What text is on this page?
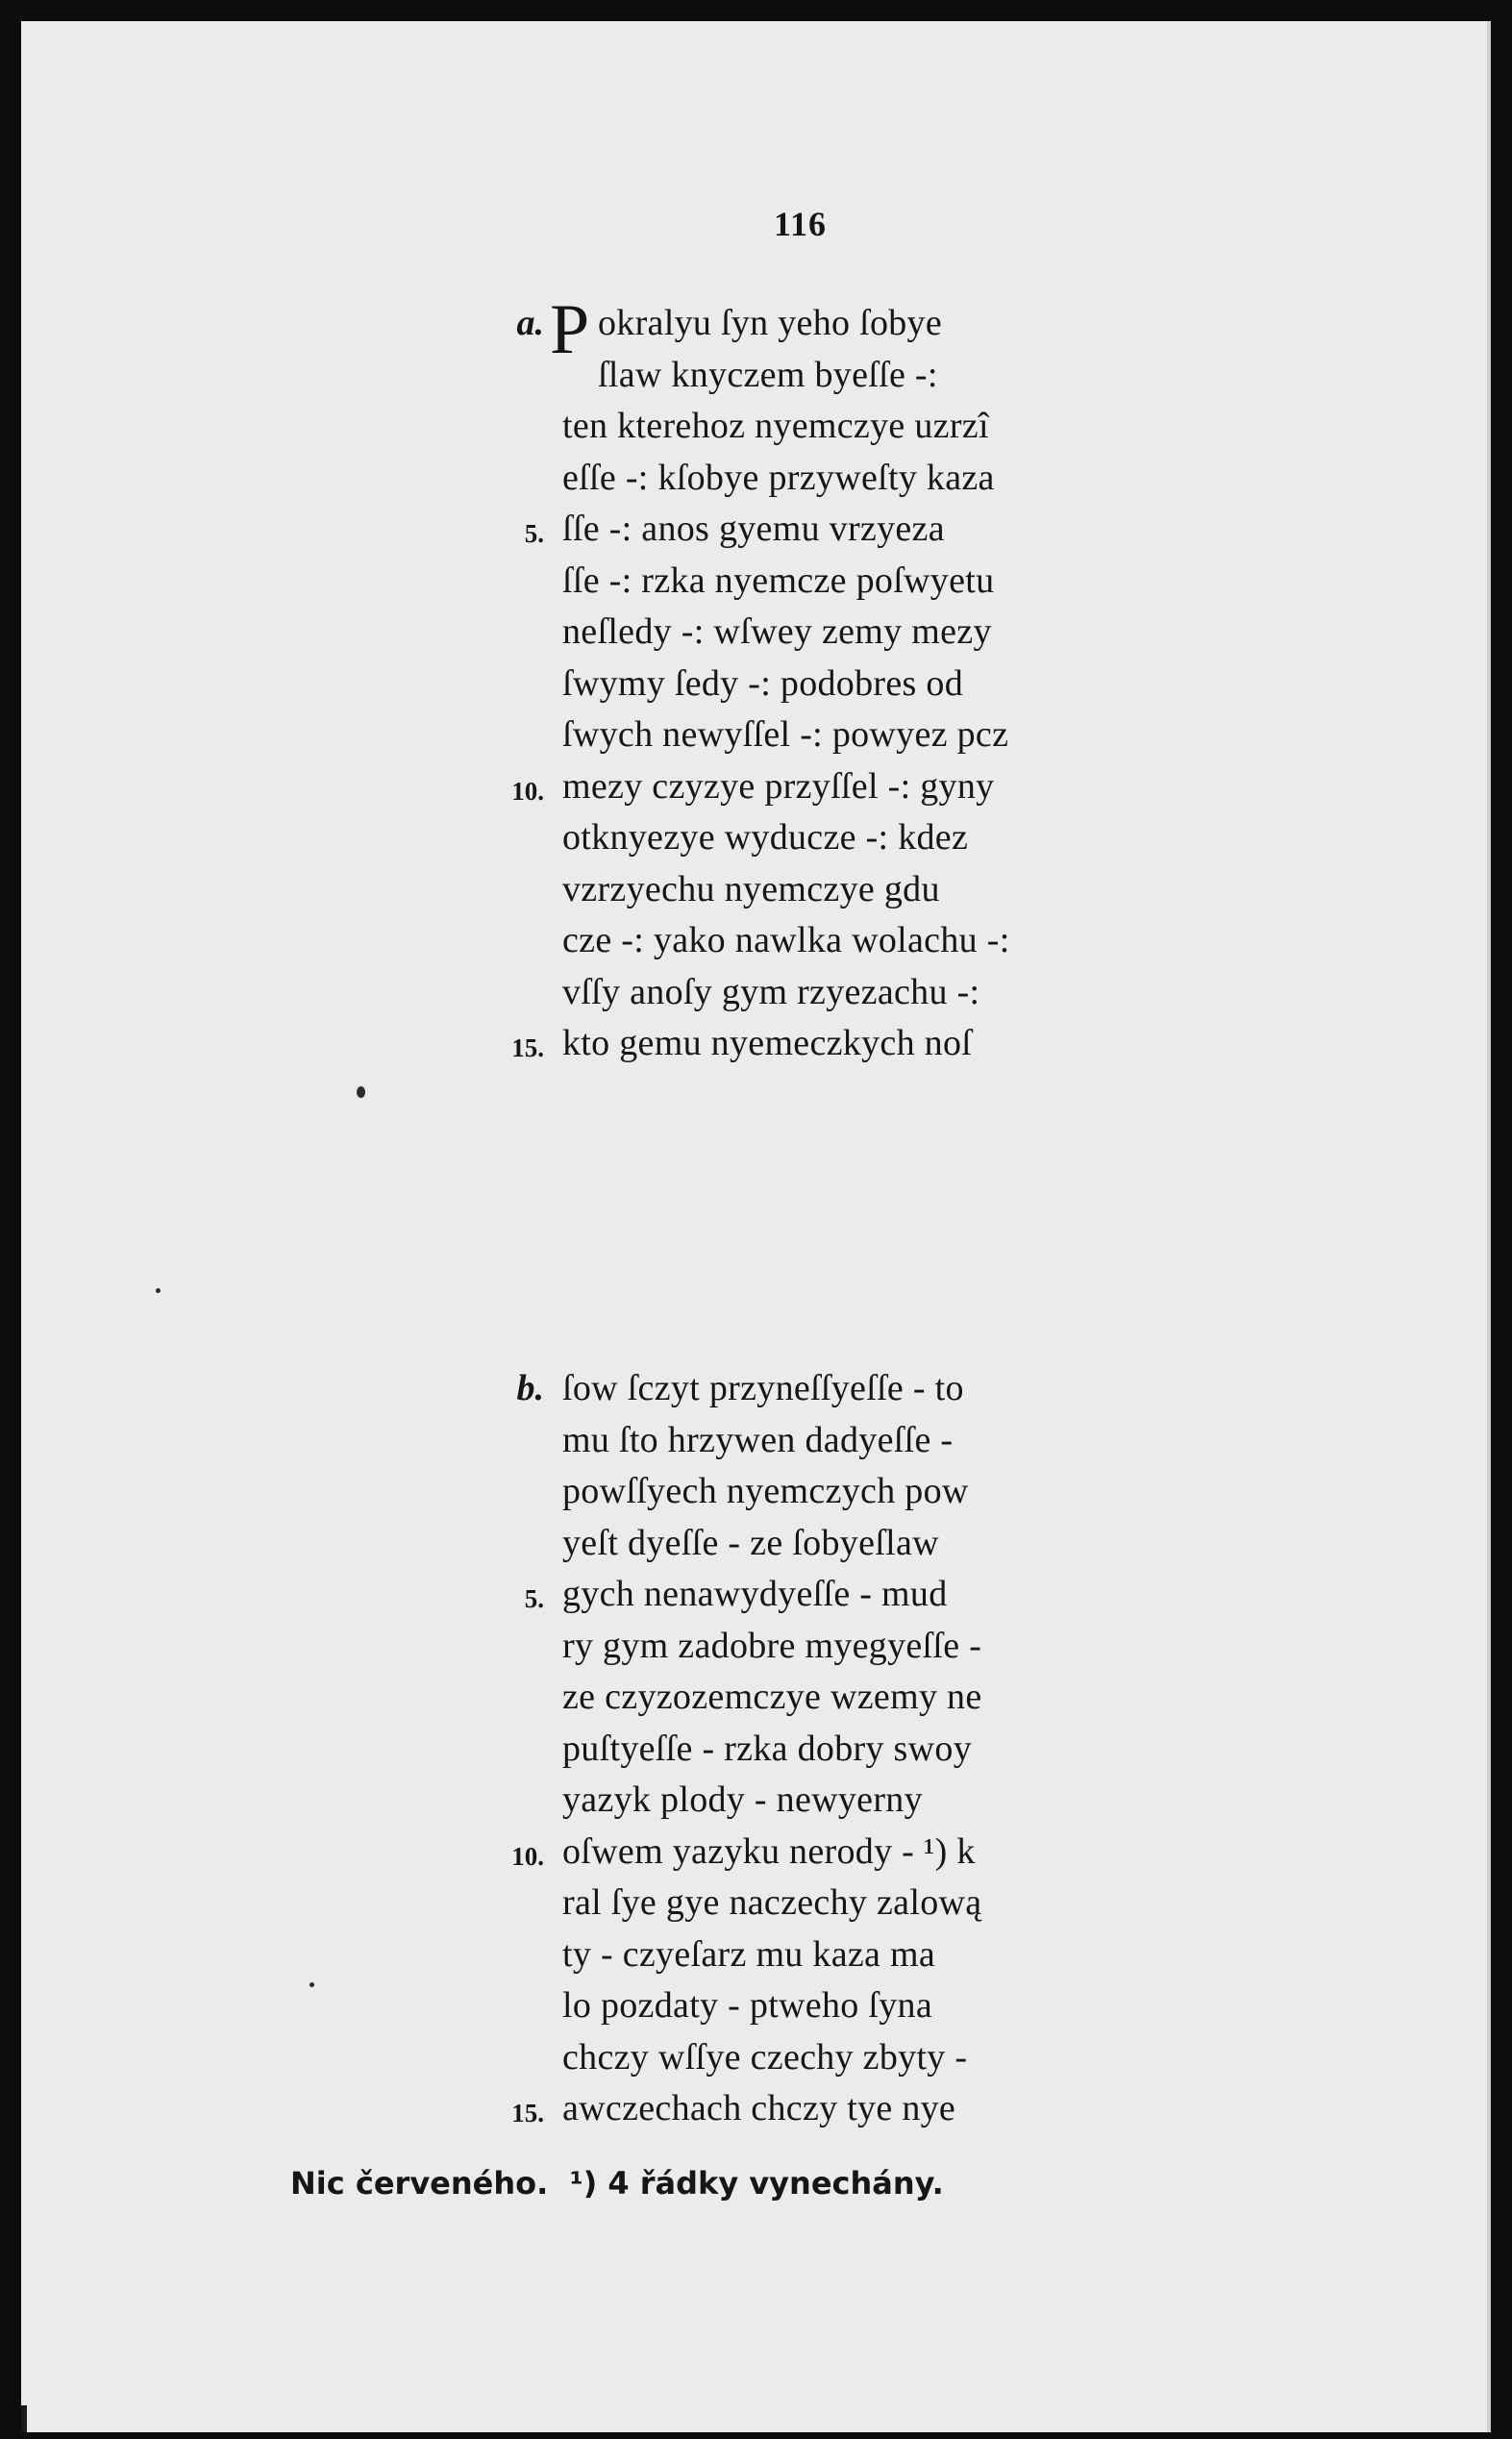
116
a. okralyu ſyn yeho ſobye
P
ſlaw knyczem byeſſe -:
ten kterehoz nyemczye uzrzî
eſſe -: kſobye przyweſty kaza
5. ſſe -: anos gyemu vrzyeza
ſſe -: rzka nyemcze poſwyetu
neſledy -: wſwey zemy mezy
ſwymy ſedy -: podobres od
ſwych newyſſel -: powyez pcz
10. mezy czyzye przyſſel -: gyny
otknyezye wyducze -: kdez
vzrzyechu nyemczye gdu
cze -: yako nawlka wolachu -:
vſſy anoſy gym rzyezachu -:
15. kto gemu nyemeczkych noſ
b. ſow ſczyt przyneſſyeſſe - to
mu ſto hrzywen dadyeſſe -
powſſyech nyemczych pow
yeſt dyeſſe - ze ſobyeſlaw
5. gych nenawydyeſſe - mud
ry gym zadobre myegyeſſe -
ze czyzozemczye wzemy ne
puſtyeſſe - rzka dobry swoy
yazyk plody - newyerny
10. oſwem yazyku nerody - ¹) k
ral ſye gye naczechy zalową
ty - czyeſarz mu kaza ma
lo pozdaty - ptweho ſyna
chczy wſſye czechy zbyty -
15. awczechach chczy tye nye
Nic červeného.  ¹) 4 řádky vynechány.
